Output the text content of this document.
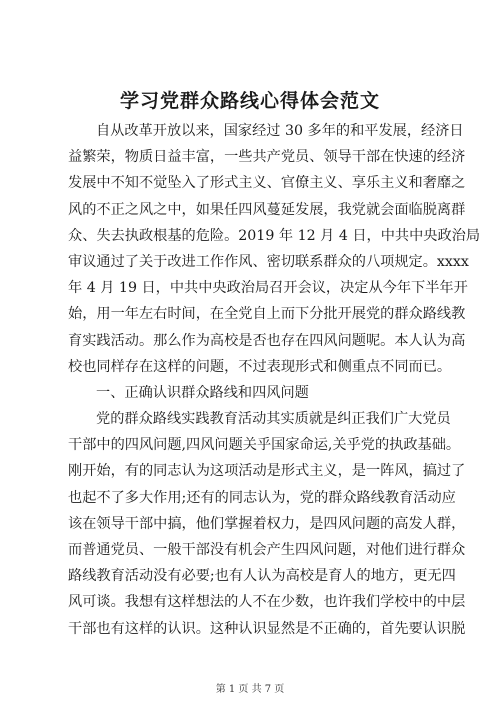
学习党群众路线心得体会范文
自从改革开放以来，国家经过 30 多年的和平发展，经济日
益繁荣，物质日益丰富，一些共产党员、领导干部在快速的经济
发展中不知不觉坠入了形式主义、官僚主义、享乐主义和奢靡之
风的不正之风之中，如果任四风蔓延发展，我党就会面临脱离群
众、失去执政根基的危险。2019 年 12 月 4 日，中共中央政治局
审议通过了关于改进工作作风、密切联系群众的八项规定。xxxx
年 4 月 19 日，中共中央政治局召开会议，决定从今年下半年开
始，用一年左右时间，在全党自上而下分批开展党的群众路线教
育实践活动。那么作为高校是否也存在四风问题呢。本人认为高
校也同样存在这样的问题，不过表现形式和侧重点不同而已。
一、正确认识群众路线和四风问题
党的群众路线实践教育活动其实质就是纠正我们广大党员
干部中的四风问题,四风问题关乎国家命运,关乎党的执政基础。
刚开始，有的同志认为这项活动是形式主义，是一阵风，搞过了
也起不了多大作用;还有的同志认为，党的群众路线教育活动应
该在领导干部中搞，他们掌握着权力，是四风问题的高发人群，
而普通党员、一般干部没有机会产生四风问题，对他们进行群众
路线教育活动没有必要;也有人认为高校是育人的地方，更无四
风可谈。我想有这样想法的人不在少数，也许我们学校中的中层
干部也有这样的认识。这种认识显然是不正确的，首先要认识脱
第 1 页 共 7 页
